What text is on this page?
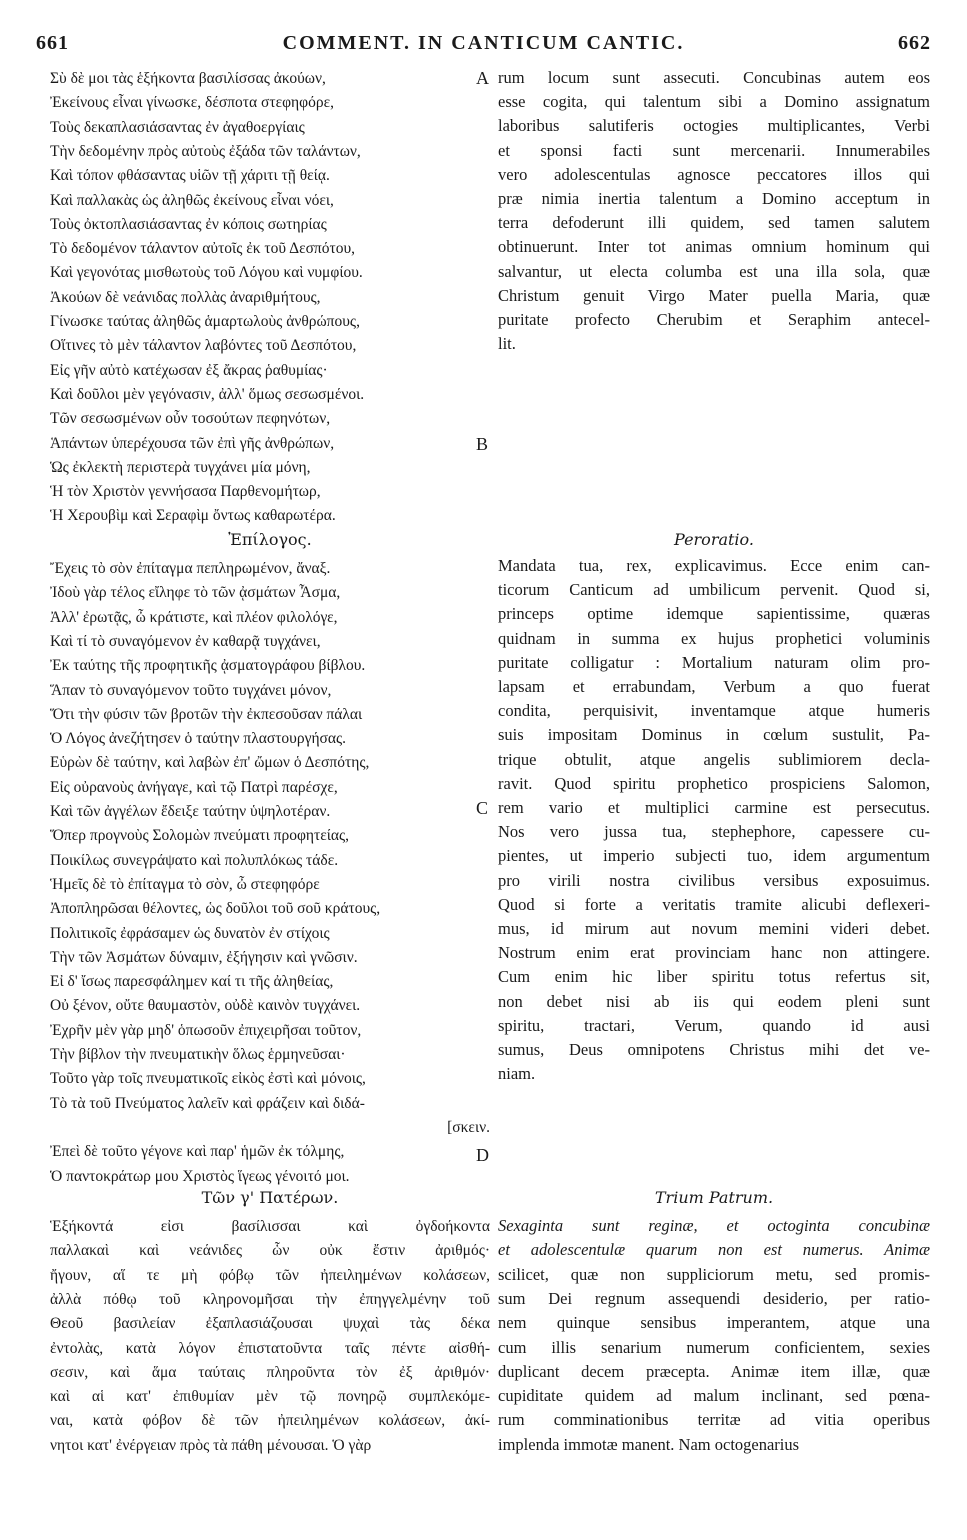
661	COMMENT. IN CANTICUM CANTIC.	662
A
B
C
D
Σὺ δὲ μοι τὰς ἑξήκοντα βασιλίσσας ἀκούων,
Ἐκείνους εἶναι γίνωσκε, δέσποτα στεφηφόρε,
Τοὺς δεκαπλασιάσαντας ἐν ἀγαθοεργίαις
Τὴν δεδομένην πρὸς αὐτοὺς ἐξάδα τῶν ταλάντων,
Καὶ τόπον φθάσαντας υἱῶν τῇ χάριτι τῇ θείᾳ.
Καὶ παλλακὰς ὡς ἀληθῶς ἐκείνους εἶναι νόει,
Τοὺς ὀκτοπλασιάσαντας ἐν κόποις σωτηρίας
Τὸ δεδομένον τάλαντον αὐτοῖς ἐκ τοῦ Δεσπότου,
Καὶ γεγονότας μισθωτοὺς τοῦ Λόγου καὶ νυμφίου.
Ἀκούων δὲ νεάνιδας πολλὰς ἀναριθμήτους,
Γίνωσκε ταύτας ἀληθῶς ἁμαρτωλοὺς ἀνθρώπους,
Οἵτινες τὸ μὲν τάλαντον λαβόντες τοῦ Δεσπότου,
Εἰς γῆν αὐτὸ κατέχωσαν ἐξ ἄκρας ῥαθυμίας·
Καὶ δοῦλοι μὲν γεγόνασιν, ἀλλ' ὅμως σεσωσμένοι.
Τῶν σεσωσμένων οὖν τοσούτων πεφηνότων,
Ἁπάντων ὑπερέχουσα τῶν ἐπὶ γῆς ἀνθρώπων,
Ὡς ἐκλεκτὴ περιστερὰ τυγχάνει μία μόνη,
Ἡ τὸν Χριστὸν γεννήσασα Παρθενομήτωρ,
Ἡ Χερουβὶμ καὶ Σεραφὶμ ὄντως καθαρωτέρα.
rum locum sunt assecuti. Concubinas autem eos
esse cogita, qui talentum sibi a Domino assignatum
laboribus salutiferis octogies multiplicantes, Verbi
et sponsi facti sunt mercenarii. Innumerabiles
vero adolescentulas agnosce peccatores illos qui
præ nimia inertia talentum a Domino acceptum in
terra defoderunt illi quidem, sed tamen salutem
obtinuerunt. Inter tot animas omnium hominum qui
salvantur, ut electa columba est una illa sola, quæ
Christum genuit Virgo Mater puella Maria, quæ
puritate profecto Cherubim et Seraphim antecel-
lit.
Ἐπίλογος.	Peroratio.
Ἔχεις τὸ σὸν ἐπίταγμα πεπληρωμένον, ἄναξ.
Ἰδοὺ γὰρ τέλος εἴληφε τὸ τῶν ᾀσμάτων Ἆσμα,
Ἀλλ' ἐρωτᾷς, ὦ κράτιστε, καὶ πλέον φιλολόγε,
Καὶ τί τὸ συναγόμενον ἐν καθαρᾷ τυγχάνει,
Ἐκ ταύτης τῆς προφητικῆς ᾀσματογράφου βίβλου.
Ἅπαν τὸ συναγόμενον τοῦτο τυγχάνει μόνον,
Ὅτι τὴν φύσιν τῶν βροτῶν τὴν ἐκπεσοῦσαν πάλαι
Ὁ Λόγος ἀνεζήτησεν ὁ ταύτην πλαστουργήσας.
Εὑρὼν δὲ ταύτην, καὶ λαβὼν ἐπ' ὤμων ὁ Δεσπότης,
Εἰς οὐρανοὺς ἀνήγαγε, καὶ τῷ Πατρὶ παρέσχε,
Καὶ τῶν ἀγγέλων ἔδειξε ταύτην ὑψηλοτέραν.
Ὅπερ προγνοὺς Σολομὼν πνεύματι προφητείας,
Ποικίλως συνεγράψατο καὶ πολυπλόκως τάδε.
Ἡμεῖς δὲ τὸ ἐπίταγμα τὸ σὸν, ὦ στεφηφόρε
Ἀποπληρῶσαι θέλοντες, ὡς δοῦλοι τοῦ σοῦ κράτους,
Πολιτικοῖς ἐφράσαμεν ὡς δυνατὸν ἐν στίχοις
Τὴν τῶν Ἀσμάτων δύναμιν, ἐξήγησιν καὶ γνῶσιν.
Εἰ δ' ἴσως παρεσφάλημεν καί τι τῆς ἀληθείας,
Οὐ ξένον, οὔτε θαυμαστὸν, οὐδὲ καινὸν τυγχάνει.
Ἐχρῆν μὲν γὰρ μηδ' ὁπωσοῦν ἐπιχειρῆσαι τοῦτον,
Τὴν βίβλον τὴν πνευματικὴν ὅλως ἑρμηνεῦσαι·
Τοῦτο γὰρ τοῖς πνευματικοῖς εἰκὸς ἐστὶ καὶ μόνοις,
Τὸ τὰ τοῦ Πνεύματος λαλεῖν καὶ φράζειν καὶ διδά-
[σκειν.
Ἐπεὶ δὲ τοῦτο γέγονε καὶ παρ' ἡμῶν ἐκ τόλμης,
Ὁ παντοκράτωρ μου Χριστὸς ἵγεως γένοιτό μοι.
Mandata tua, rex, explicavimus. Ecce enim can-
ticorum Canticum ad umbilicum pervenit. Quod si,
princeps optime idemque sapientissime, quæras
quidnam in summa ex hujus prophetici voluminis
puritate colligatur : Mortalium naturam olim pro-
lapsam et errabundam, Verbum a quo fuerat
condita, perquisivit, inventamque atque humeris
suis impositam Dominus in cœlum sustulit, Pa-
trique obtulit, atque angelis sublimiorem decla-
ravit. Quod spiritu prophetico prospiciens Salomon,
rem vario et multiplici carmine est persecutus.
Nos vero jussa tua, stephephore, capessere cu-
pientes, ut imperio subjecti tuo, idem argumentum
pro virili nostra civilibus versibus exposuimus.
Quod si forte a veritatis tramite alicubi deflexeri-
mus, id mirum aut novum memini videri debet.
Nostrum enim erat provinciam hanc non attingere.
Cum enim hic liber spiritu totus refertus sit,
non debet nisi ab iis qui eodem pleni sunt
spiritu, tractari, Verum, quando id ausi
sumus, Deus omnipotens Christus mihi det ve-
niam.
Τῶν γ' Πατέρων.	Trium Patrum.
Ἑξήκοντά εἰσι βασίλισσαι καὶ ὀγδοήκοντα
παλλακαὶ καὶ νεάνιδες ὧν οὐκ ἔστιν ἀριθμός·
ἤγουν, αἵ τε μὴ φόβῳ τῶν ἠπειλημένων κολάσεων,
ἀλλὰ πόθῳ τοῦ κληρονομῆσαι τὴν ἐπηγγελμένην τοῦ
Θεοῦ βασιλείαν ἐξαπλασιάζουσαι ψυχαὶ τὰς δέκα
ἐντολὰς, κατὰ λόγον ἐπιστατοῦντα ταῖς πέντε αἰσθή-
σεσιν, καὶ ἅμα ταύταις πληροῦντα τὸν ἐξ ἀριθμόν·
καὶ αἱ κατ' ἐπιθυμίαν μὲν τῷ πονηρῷ συμπλεκόμε-
ναι, κατὰ φόβον δὲ τῶν ἠπειλημένων κολάσεων, ἀκί-
νητοι κατ' ἐνέργειαν πρὸς τὰ πάθη μένουσαι. Ὁ γὰρ
Sexaginta sunt reginæ, et octoginta concubinæ
et adolescentulæ quarum non est numerus. Animæ
scilicet, quæ non suppliciorum metu, sed promis-
sum Dei regnum assequendi desiderio, per ratio-
nem quinque sensibus imperantem, atque una
cum illis senarium numerum conficientem, sexies
duplicant decem præcepta. Animæ item illæ, quæ
cupiditate quidem ad malum inclinant, sed pœna-
rum comminationibus territæ ad vitia operibus
implenda immotæ manent. Nam octogenarius
